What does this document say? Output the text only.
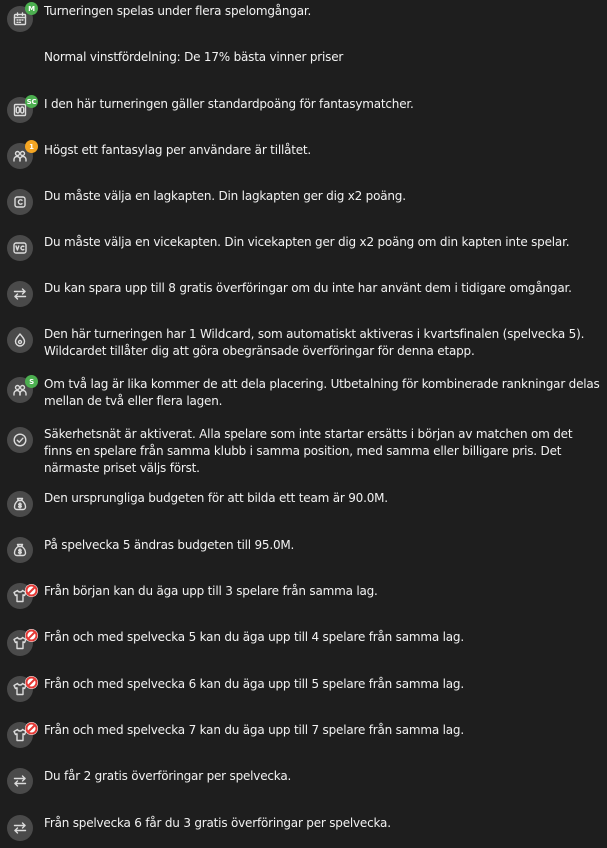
M Turneringen spelas under flera spelomgångar.
Normal vinstfördelning: De 17% bästa vinner priser
SC I den här turneringen gäller standardpoäng för fantasymatcher.
1 Högst ett fantasylag per användare är tillåtet.
Du måste välja en lagkapten. Din lagkapten ger dig x2 poäng.
Du måste välja en vicekapten. Din vicekapten ger dig x2 poäng om din kapten inte spelar.
Du kan spara upp till 8 gratis överföringar om du inte har använt dem i tidigare omgångar.
Den här turneringen har 1 Wildcard, som automatiskt aktiveras i kvartsfinalen (spelvecka 5). Wildcardet tillåter dig att göra obegränsade överföringar för denna etapp.
S Om två lag är lika kommer de att dela placering. Utbetalning för kombinerade rankningar delas mellan de två eller flera lagen.
Säkerhetsnät är aktiverat. Alla spelare som inte startar ersätts i början av matchen om det finns en spelare från samma klubb i samma position, med samma eller billigare pris. Det närmaste priset väljs först.
Den ursprungliga budgeten för att bilda ett team är 90.0M.
På spelvecka 5 ändras budgeten till 95.0M.
Från början kan du äga upp till 3 spelare från samma lag.
Från och med spelvecka 5 kan du äga upp till 4 spelare från samma lag.
Från och med spelvecka 6 kan du äga upp till 5 spelare från samma lag.
Från och med spelvecka 7 kan du äga upp till 7 spelare från samma lag.
Du får 2 gratis överföringar per spelvecka.
Från spelvecka 6 får du 3 gratis överföringar per spelvecka.
